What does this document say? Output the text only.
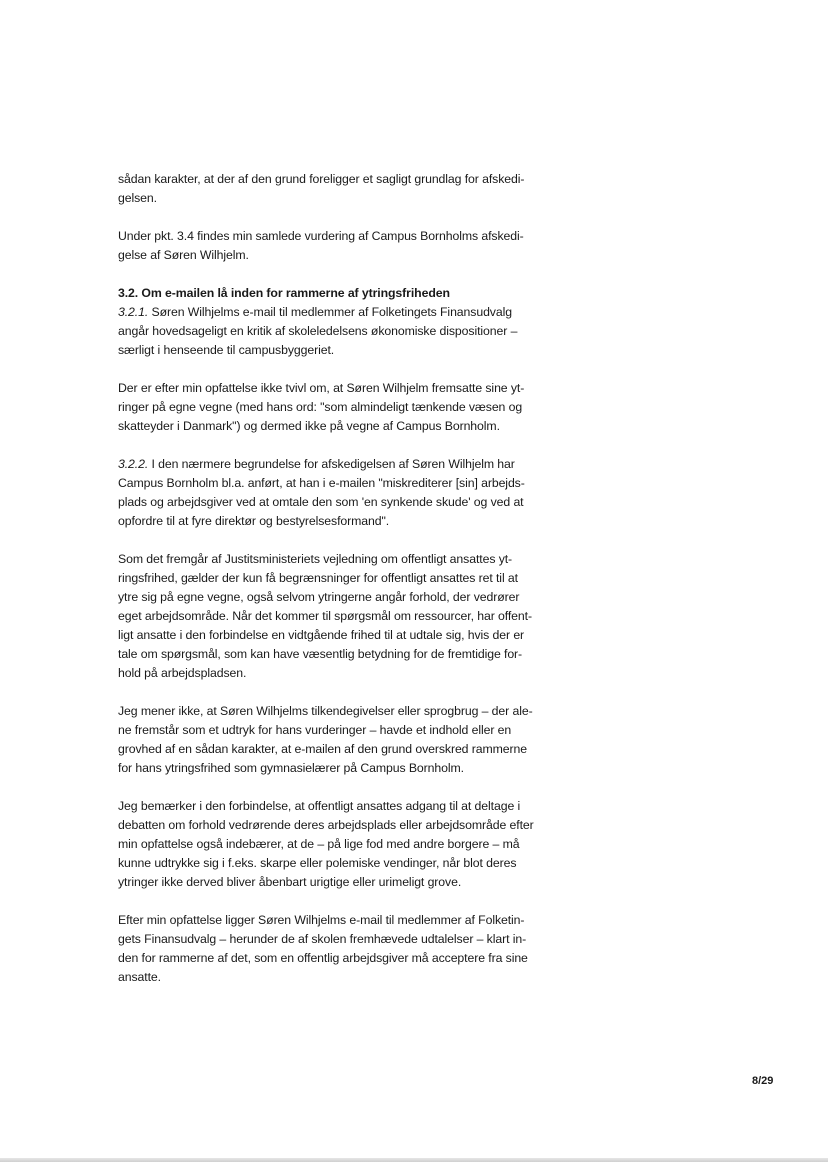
sådan karakter, at der af den grund foreligger et sagligt grundlag for afskedi-
gelsen.

Under pkt. 3.4 findes min samlede vurdering af Campus Bornholms afskedi-
gelse af Søren Wilhjelm.

3.2. Om e-mailen lå inden for rammerne af ytringsfriheden
3.2.1. Søren Wilhjelms e-mail til medlemmer af Folketingets Finansudvalg
angår hovedsageligt en kritik af skoleledelsens økonomiske dispositioner –
særligt i henseende til campusbyggeriet.

Der er efter min opfattelse ikke tvivl om, at Søren Wilhjelm fremsatte sine yt-
ringer på egne vegne (med hans ord: "som almindeligt tænkende væsen og
skatteyder i Danmark") og dermed ikke på vegne af Campus Bornholm.

3.2.2. I den nærmere begrundelse for afskedigelsen af Søren Wilhjelm har
Campus Bornholm bl.a. anført, at han i e-mailen "miskrediterer [sin] arbejds-
plads og arbejdsgiver ved at omtale den som 'en synkende skude' og ved at
opfordre til at fyre direktør og bestyrelsesformand".

Som det fremgår af Justitsministeriets vejledning om offentligt ansattes yt-
ringsfrihed, gælder der kun få begrænsninger for offentligt ansattes ret til at
ytre sig på egne vegne, også selvom ytringerne angår forhold, der vedrører
eget arbejdsområde. Når det kommer til spørgsmål om ressourcer, har offent-
ligt ansatte i den forbindelse en vidtgående frihed til at udtale sig, hvis der er
tale om spørgsmål, som kan have væsentlig betydning for de fremtidige for-
hold på arbejdspladsen.

Jeg mener ikke, at Søren Wilhjelms tilkendegivelser eller sprogbrug – der ale-
ne fremstår som et udtryk for hans vurderinger – havde et indhold eller en
grovhed af en sådan karakter, at e-mailen af den grund overskred rammerne
for hans ytringsfrihed som gymnasielærer på Campus Bornholm.

Jeg bemærker i den forbindelse, at offentligt ansattes adgang til at deltage i
debatten om forhold vedrørende deres arbejdsplads eller arbejdsområde efter
min opfattelse også indebærer, at de – på lige fod med andre borgere – må
kunne udtrykke sig i f.eks. skarpe eller polemiske vendinger, når blot deres
ytringer ikke derved bliver åbenbart urigtige eller urimeligt grove.

Efter min opfattelse ligger Søren Wilhjelms e-mail til medlemmer af Folketin-
gets Finansudvalg – herunder de af skolen fremhævede udtalelser – klart in-
den for rammerne af det, som en offentlig arbejdsgiver må acceptere fra sine
ansatte.

8/29
